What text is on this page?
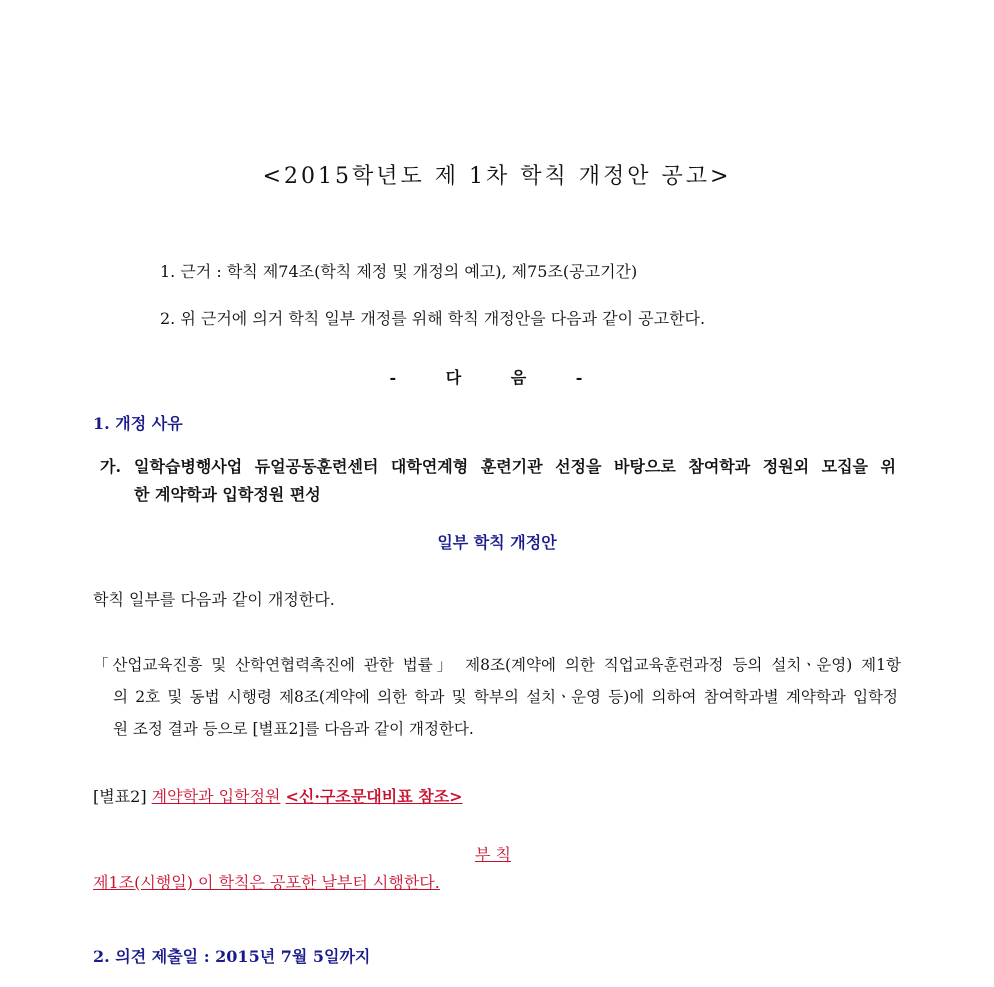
<2015학년도 제 1차 학칙 개정안 공고>
1. 근거 : 학칙 제74조(학칙 제정 및 개정의 예고), 제75조(공고기간)
2. 위 근거에 의거 학칙 일부 개정를 위해 학칙 개정안을 다음과 같이 공고한다.
- 다 음 -
1. 개정 사유
가. 일학습병행사업 듀얼공동훈련센터 대학연계형 훈련기관 선정을 바탕으로 참여학과 정원외 모집을 위
한 계약학과 입학정원 편성
일부 학칙 개정안
학칙 일부를 다음과 같이 개정한다.
「산업교육진흥 및 산학연협력촉진에 관한 법률」 제8조(계약에 의한 직업교육훈련과정 등의 설치ㆍ운영) 제1항
의 2호 및 동법 시행령 제8조(계약에 의한 학과 및 학부의 설치ㆍ운영 등)에 의하여 참여학과별 계약학과 입학정
원 조정 결과 등으로 [별표2]를 다음과 같이 개정한다.
[별표2] 계약학과 입학정원 <신·구조문대비표 참조>
부 칙
제1조(시행일) 이 학칙은 공포한 날부터 시행한다.
2. 의견 제출일 : 2015년 7월 5일까지
